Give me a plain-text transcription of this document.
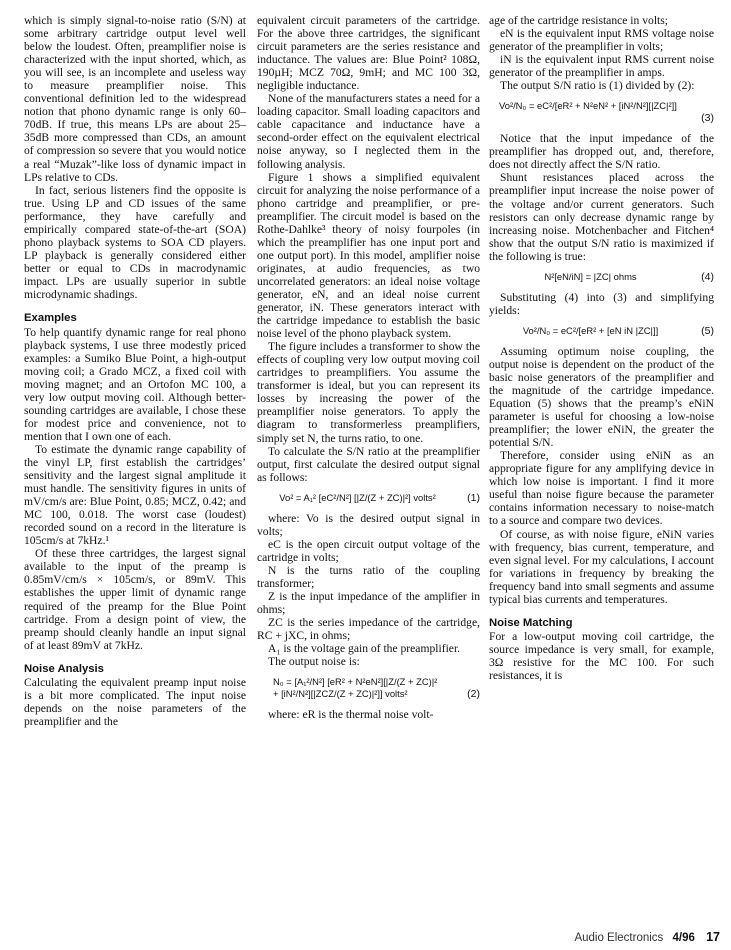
which is simply signal-to-noise ratio (S/N) at some arbitrary cartridge output level well below the loudest. Often, preamplifier noise is characterized with the input shorted, which, as you will see, is an incomplete and useless way to measure preamplifier noise. This conventional definition led to the widespread notion that phono dynamic range is only 60–70dB. If true, this means LPs are about 25–35dB more compressed than CDs, an amount of compression so severe that you would notice a real “Muzak”-like loss of dynamic impact in LPs relative to CDs.

In fact, serious listeners find the opposite is true. Using LP and CD issues of the same performance, they have carefully and empirically compared state-of-the-art (SOA) phono playback systems to SOA CD players. LP playback is generally considered either better or equal to CDs in macrodynamic impact. LPs are usually superior in subtle microdynamic shadings.

Examples

To help quantify dynamic range for real phono playback systems, I use three modestly priced examples: a Sumiko Blue Point, a high-output moving coil; a Grado MCZ, a fixed coil with moving magnet; and an Ortofon MC 100, a very low output moving coil. Although better-sounding cartridges are available, I chose these for modest price and convenience, not to mention that I own one of each.

To estimate the dynamic range capability of the vinyl LP, first establish the cartridges’ sensitivity and the largest signal amplitude it must handle. The sensitivity figures in units of mV/cm/s are: Blue Point, 0.85; MCZ, 0.42; and MC 100, 0.018. The worst case (loudest) recorded sound on a record in the literature is 105cm/s at 7kHz.¹

Of these three cartridges, the largest signal available to the input of the preamp is 0.85mV/cm/s × 105cm/s, or 89mV. This establishes the upper limit of dynamic range required of the preamp for the Blue Point cartridge. From a design point of view, the preamp should cleanly handle an input signal of at least 89mV at 7kHz.

Noise Analysis

Calculating the equivalent preamp input noise is a bit more complicated. The input noise depends on the noise parameters of the preamplifier and the

equivalent circuit parameters of the cartridge. For the above three cartridges, the significant circuit parameters are the series resistance and inductance. The values are: Blue Point² 108Ω, 190µH; MCZ 70Ω, 9mH; and MC 100 3Ω, negligible inductance.

None of the manufacturers states a need for a loading capacitor. Small loading capacitors and cable capacitance and inductance have a second-order effect on the equivalent electrical noise anyway, so I neglected them in the following analysis.

Figure 1 shows a simplified equivalent circuit for analyzing the noise performance of a phono cartridge and preamplifier, or pre-preamplifier. The circuit model is based on the Rothe-Dahlke³ theory of noisy fourpoles (in which the preamplifier has one input port and one output port). In this model, amplifier noise originates, at audio frequencies, as two uncorrelated generators: an ideal noise voltage generator, eN, and an ideal noise current generator, iN. These generators interact with the cartridge impedance to establish the basic noise level of the phono playback system.

The figure includes a transformer to show the effects of coupling very low output moving coil cartridges to preamplifiers. You assume the transformer is ideal, but you can represent its losses by increasing the power of the preamplifier noise generators. To apply the diagram to transformerless preamplifiers, simply set N, the turns ratio, to one.

To calculate the S/N ratio at the preamplifier output, first calculate the desired output signal as follows:

Vo² = A₁² [eC²/N²] [|Z/(Z + ZC)|²] volts²	(1)

where: Vo is the desired output signal in volts;

eC is the open circuit output voltage of the cartridge in volts;

N is the turns ratio of the coupling transformer;

Z is the input impedance of the amplifier in ohms;

ZC is the series impedance of the cartridge, RC + jXC, in ohms;

A₁ is the voltage gain of the preamplifier.

The output noise is:

N₀ = [A₁²/N²] [eR² + N²eN²][|Z/(Z + ZC)|²
+ [iN²/N²][|ZCZ/(Z + ZC)|²]] volts²	(2)

where: eR is the thermal noise volt-

age of the cartridge resistance in volts;

eN is the equivalent input RMS voltage noise generator of the preamplifier in volts;

iN is the equivalent input RMS current noise generator of the preamplifier in amps.

The output S/N ratio is (1) divided by (2):

Vo²/N₀ = eC²/[eR² + N²eN² + [iN²/N²][|ZC|²]]
(3)

Notice that the input impedance of the preamplifier has dropped out, and, therefore, does not directly affect the S/N ratio.

Shunt resistances placed across the preamplifier input increase the noise power of the voltage and/or current generators. Such resistors can only decrease dynamic range by increasing noise. Motchenbacher and Fitchen⁴ show that the output S/N ratio is maximized if the following is true:

N²[eN/iN] = |ZC| ohms	(4)

Substituting (4) into (3) and simplifying yields:

Vo²/N₀ = eC²/[eR² + [eN iN |ZC|]]	(5)

Assuming optimum noise coupling, the output noise is dependent on the product of the basic noise generators of the preamplifier and the magnitude of the cartridge impedance. Equation (5) shows that the preamp’s eNiN parameter is useful for choosing a low-noise preamplifier; the lower eNiN, the greater the potential S/N.

Therefore, consider using eNiN as an appropriate figure for any amplifying device in which low noise is important. I find it more useful than noise figure because the parameter contains information necessary to noise-match to a source and compare two devices.

Of course, as with noise figure, eNiN varies with frequency, bias current, temperature, and even signal level. For my calculations, I account for variations in frequency by breaking the frequency band into small segments and assume typical bias currents and temperatures.

Noise Matching

For a low-output moving coil cartridge, the source impedance is very small, for example, 3Ω resistive for the MC 100. For such resistances, it is

Audio Electronics 4/96 17
